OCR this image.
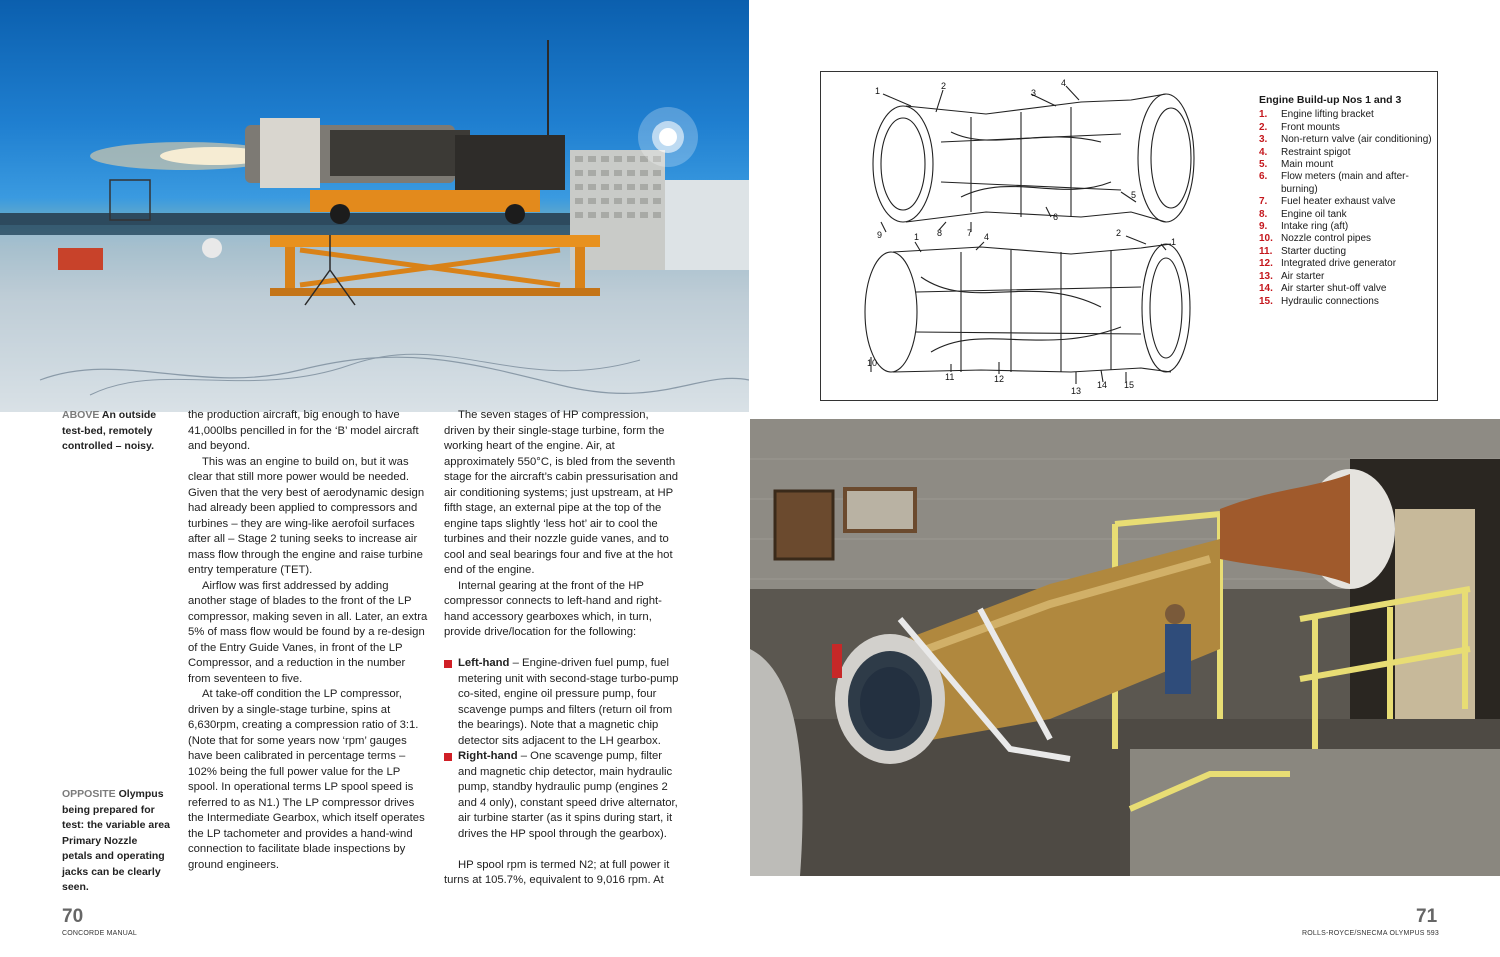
1	2
3
4
5
6
7
8
9	1	4	2
1
10
11	12
13
14 15
Engine Build-up Nos 1 and 3
1.	Engine lifting bracket
2.	Front mounts
3.	Non-return valve (air conditioning)
4.	Restraint spigot
5.	Main mount
6.	Flow meters (main and after-burning)
7.	Fuel heater exhaust valve
8.	Engine oil tank
9.	Intake ring (aft)
10. Nozzle control pipes
11. Starter ducting
12. Integrated drive generator
13. Air starter
14. Air starter shut-off valve
15. Hydraulic connections
ABOVE An outside test-bed, remotely controlled – noisy.
OPPOSITE Olympus being prepared for test: the variable area Primary Nozzle petals and operating jacks can be clearly seen.

the production aircraft, big enough to have 41,000lbs pencilled in for the ‘B’ model aircraft and beyond.

This was an engine to build on, but it was clear that still more power would be needed. Given that the very best of aerodynamic design had already been applied to compressors and turbines – they are wing-like aerofoil surfaces after all – Stage 2 tuning seeks to increase air mass flow through the engine and raise turbine entry temperature (TET).

Airflow was first addressed by adding another stage of blades to the front of the LP compressor, making seven in all. Later, an extra 5% of mass flow would be found by a re-design of the Entry Guide Vanes, in front of the LP Compressor, and a reduction in the number from seventeen to five.

At take-off condition the LP compressor, driven by a single-stage turbine, spins at 6,630rpm, creating a compression ratio of 3:1. (Note that for some years now ‘rpm’ gauges have been calibrated in percentage terms – 102% being the full power value for the LP spool. In operational terms LP spool speed is referred to as N1.) The LP compressor drives the Intermediate Gearbox, which itself operates the LP tachometer and provides a hand-wind connection to facilitate blade inspections by ground engineers.

The seven stages of HP compression, driven by their single-stage turbine, form the working heart of the engine. Air, at approximately 550°C, is bled from the seventh stage for the aircraft’s cabin pressurisation and air conditioning systems; just upstream, at HP fifth stage, an external pipe at the top of the engine taps slightly ‘less hot’ air to cool the turbines and their nozzle guide vanes, and to cool and seal bearings four and five at the hot end of the engine.

Internal gearing at the front of the HP compressor connects to left-hand and right-hand accessory gearboxes which, in turn, provide drive/location for the following:

Left-hand – Engine-driven fuel pump, fuel metering unit with second-stage turbo-pump co-sited, engine oil pressure pump, four scavenge pumps and filters (return oil from the bearings). Note that a magnetic chip detector sits adjacent to the LH gearbox.

Right-hand – One scavenge pump, filter and magnetic chip detector, main hydraulic pump, standby hydraulic pump (engines 2 and 4 only), constant speed drive alternator, air turbine starter (as it spins during start, it drives the HP spool through the gearbox).

HP spool rpm is termed N2; at full power it turns at 105.7%, equivalent to 9,016 rpm. At

70
CONCORDE MANUAL
71
ROLLS-ROYCE/SNECMA OLYMPUS 593
